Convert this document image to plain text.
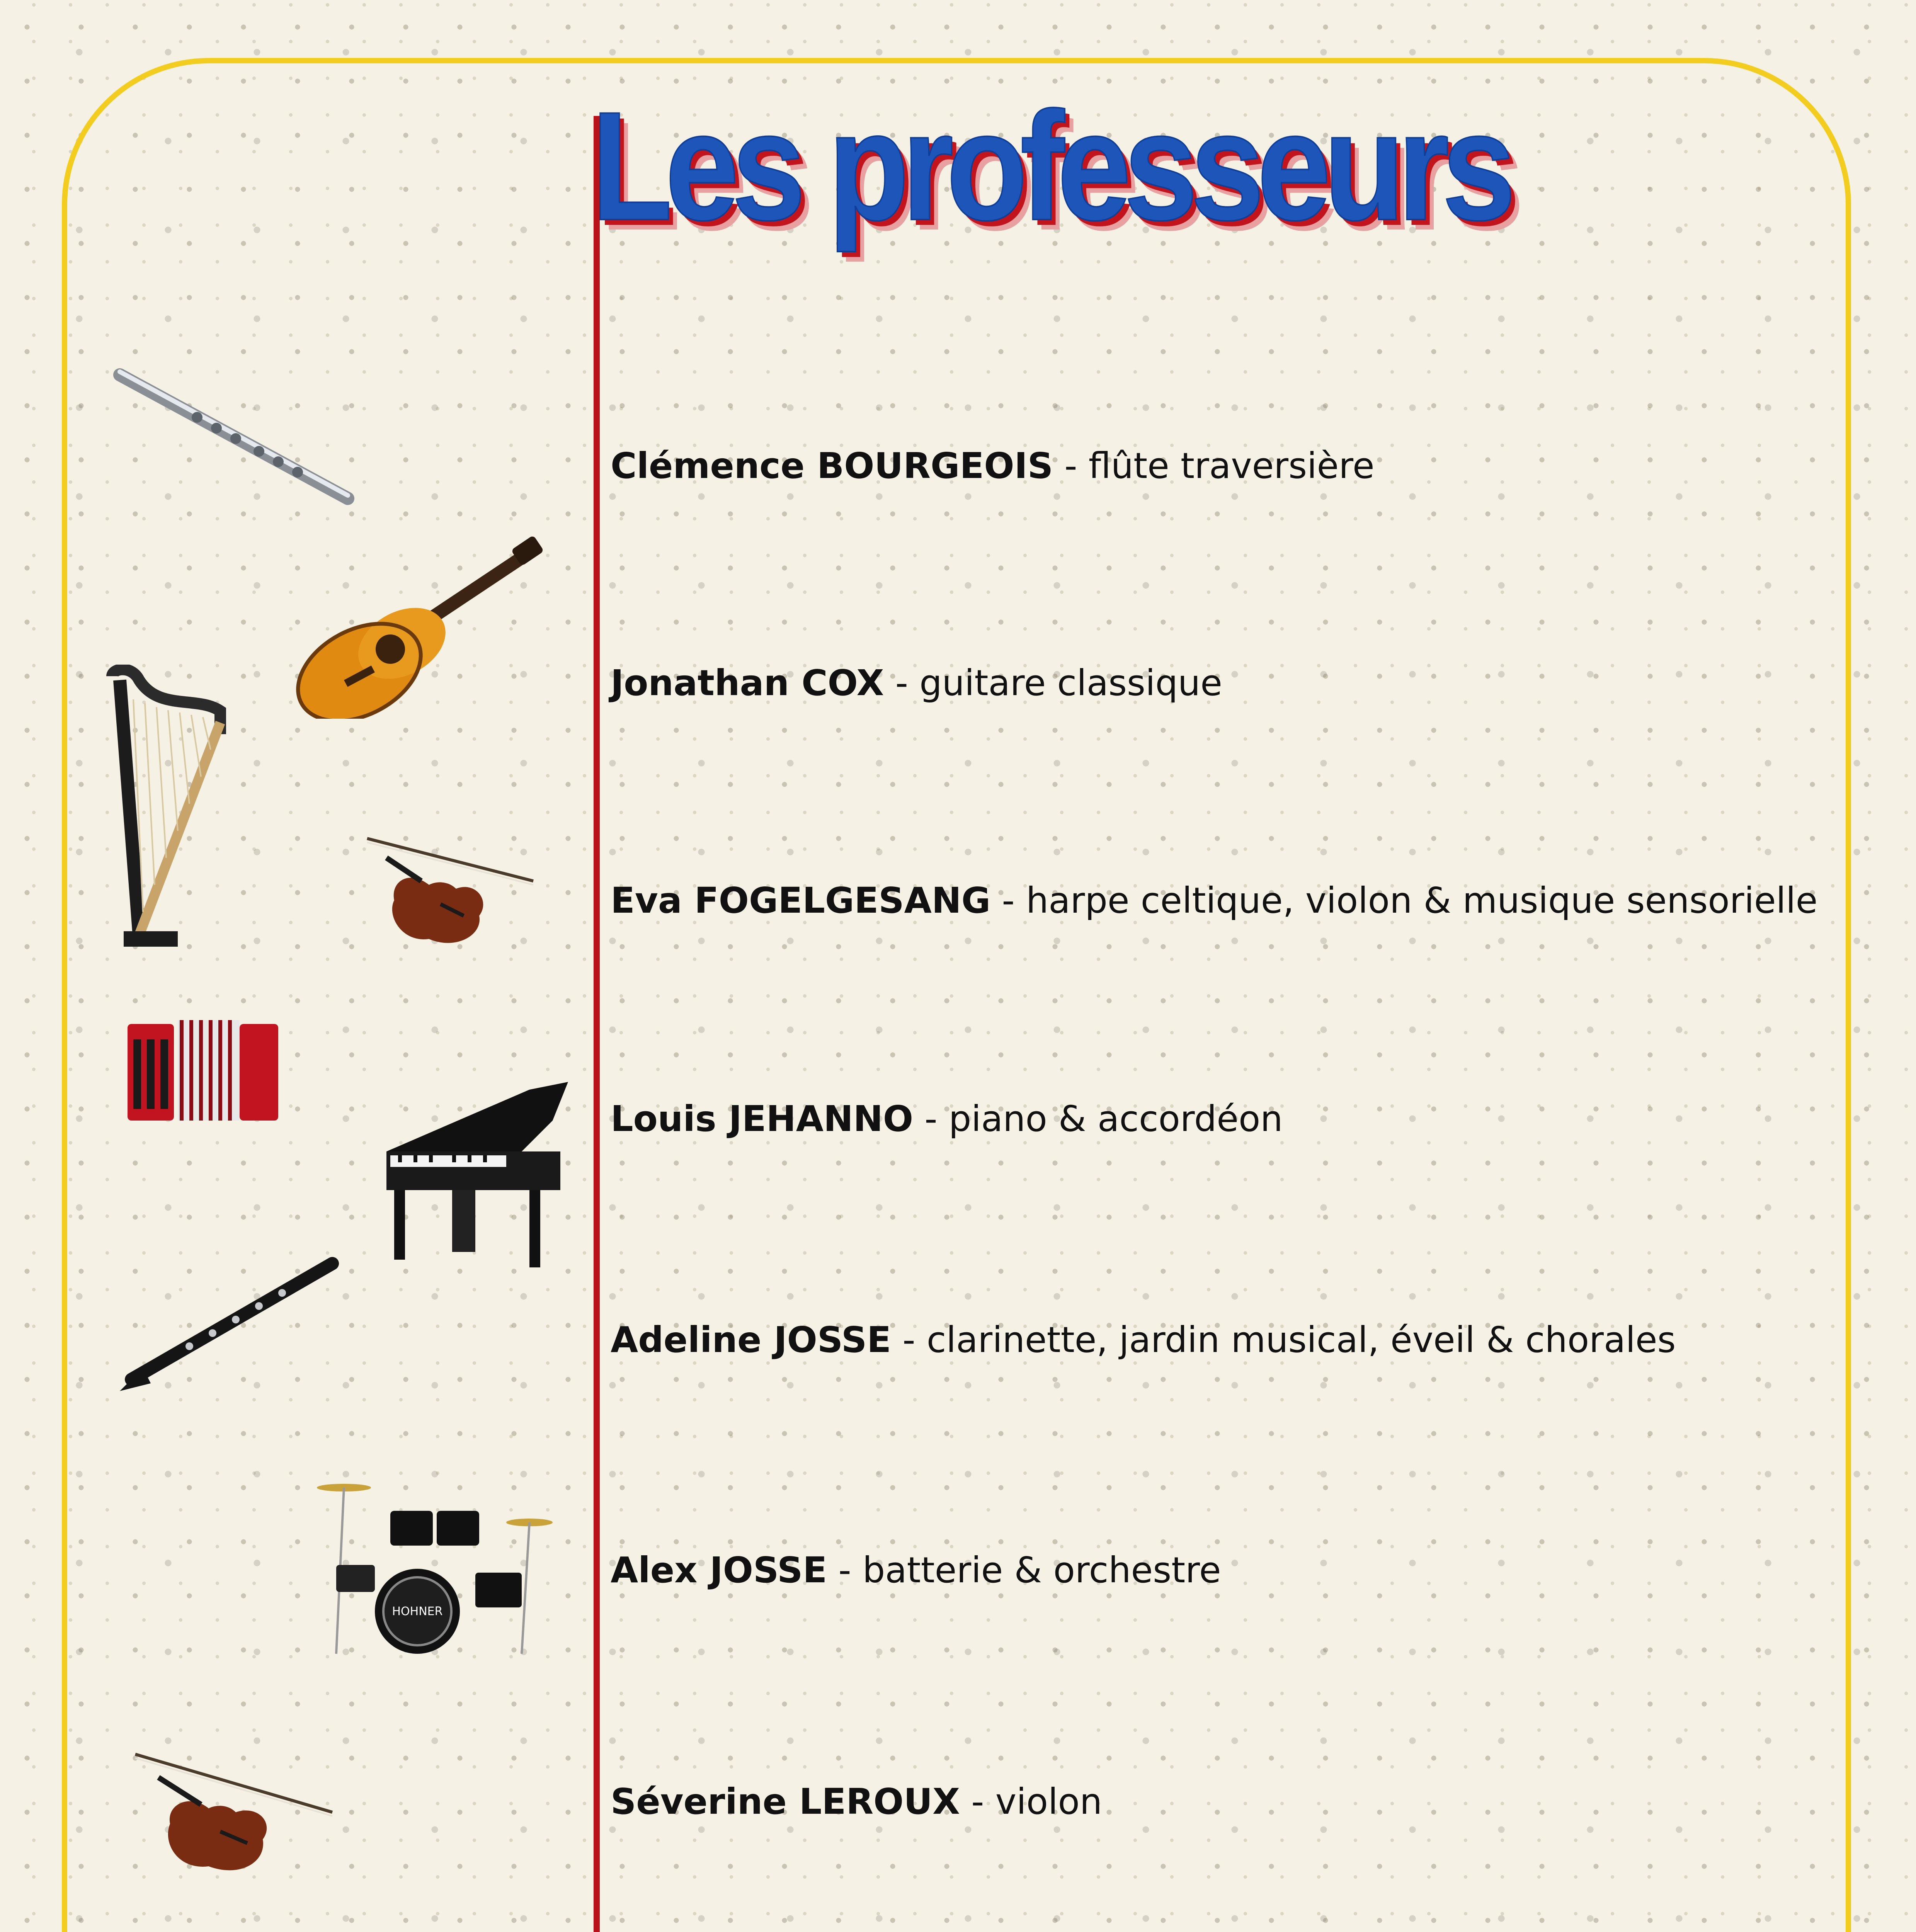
Les professeurs

Clémence BOURGEOIS - flûte traversière

Jonathan COX - guitare classique

Eva FOGELGESANG - harpe celtique, violon & musique sensorielle

Louis JEHANNO - piano & accordéon

Adeline JOSSE - clarinette, jardin musical, éveil & chorales

Alex JOSSE - batterie & orchestre

Séverine LEROUX - violon

HOHNER
